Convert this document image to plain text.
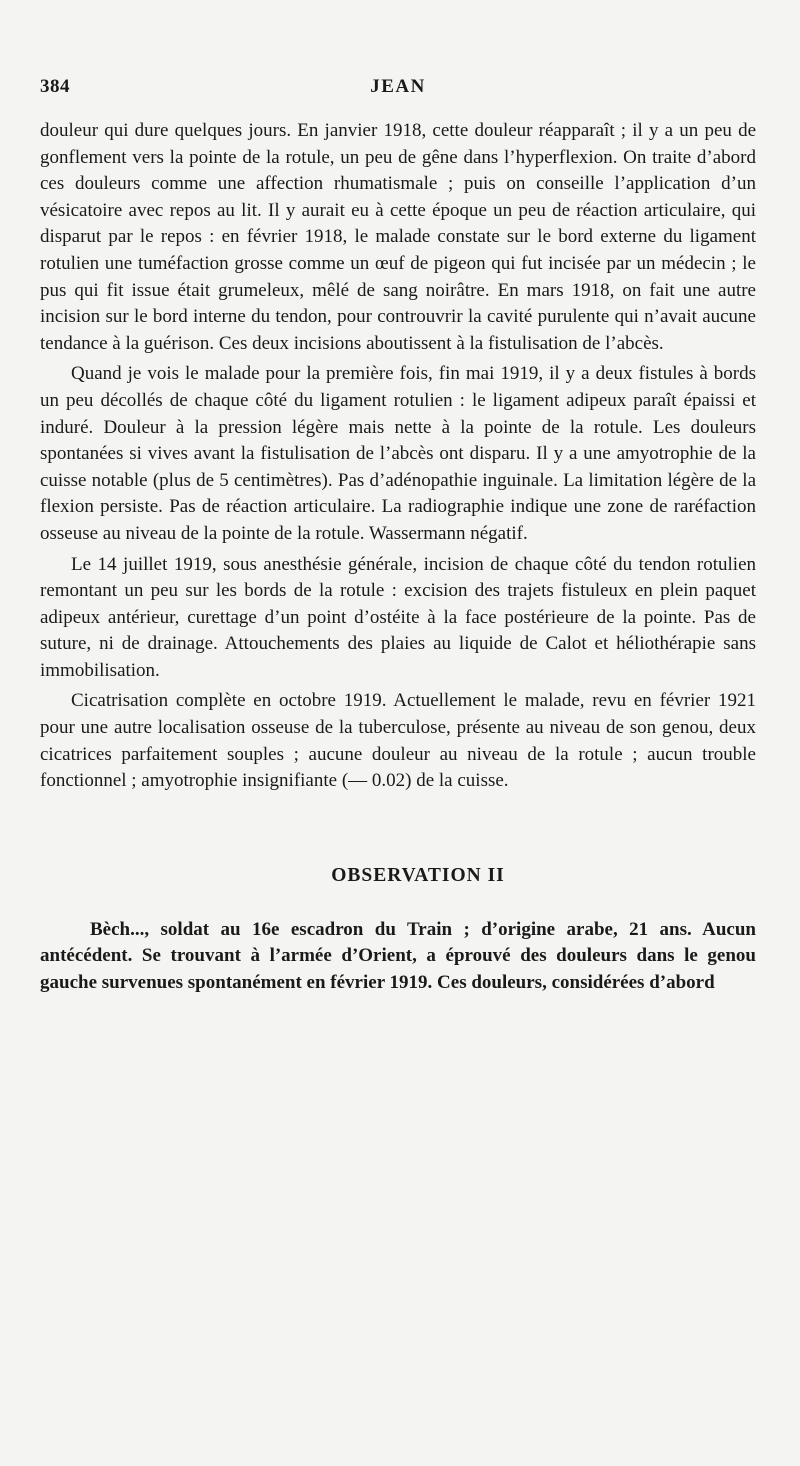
384	JEAN

douleur qui dure quelques jours. En janvier 1918, cette douleur réapparaît ; il y a un peu de gonflement vers la pointe de la rotule, un peu de gêne dans l’hyperflexion. On traite d’abord ces douleurs comme une affection rhumatismale ; puis on conseille l’application d’un vésicatoire avec repos au lit. Il y aurait eu à cette époque un peu de réaction articulaire, qui disparut par le repos : en février 1918, le malade constate sur le bord externe du ligament rotulien une tuméfaction grosse comme un œuf de pigeon qui fut incisée par un médecin ; le pus qui fit issue était grumeleux, mêlé de sang noirâtre. En mars 1918, on fait une autre incision sur le bord interne du tendon, pour controuvrir la cavité purulente qui n’avait aucune tendance à la guérison. Ces deux incisions aboutissent à la fistulisation de l’abcès.

Quand je vois le malade pour la première fois, fin mai 1919, il y a deux fistules à bords un peu décollés de chaque côté du ligament rotulien : le ligament adipeux paraît épaissi et induré. Douleur à la pression légère mais nette à la pointe de la rotule. Les douleurs spontanées si vives avant la fistulisation de l’abcès ont disparu. Il y a une amyotrophie de la cuisse notable (plus de 5 centimètres). Pas d’adénopathie inguinale. La limitation légère de la flexion persiste. Pas de réaction articulaire. La radiographie indique une zone de raréfaction osseuse au niveau de la pointe de la rotule. Wassermann négatif.

Le 14 juillet 1919, sous anesthésie générale, incision de chaque côté du tendon rotulien remontant un peu sur les bords de la rotule : excision des trajets fistuleux en plein paquet adipeux antérieur, curettage d’un point d’ostéite à la face postérieure de la pointe. Pas de suture, ni de drainage. Attouchements des plaies au liquide de Calot et héliothérapie sans immobilisation.

Cicatrisation complète en octobre 1919. Actuellement le malade, revu en février 1921 pour une autre localisation osseuse de la tuberculose, présente au niveau de son genou, deux cicatrices parfaitement souples ; aucune douleur au niveau de la rotule ; aucun trouble fonctionnel ; amyotrophie insignifiante (— 0.02) de la cuisse.

OBSERVATION II

Bèch..., soldat au 16e escadron du Train ; d’origine arabe, 21 ans. Aucun antécédent. Se trouvant à l’armée d’Orient, a éprouvé des douleurs dans le genou gauche survenues spontanément en février 1919. Ces douleurs, considérées d’abord
